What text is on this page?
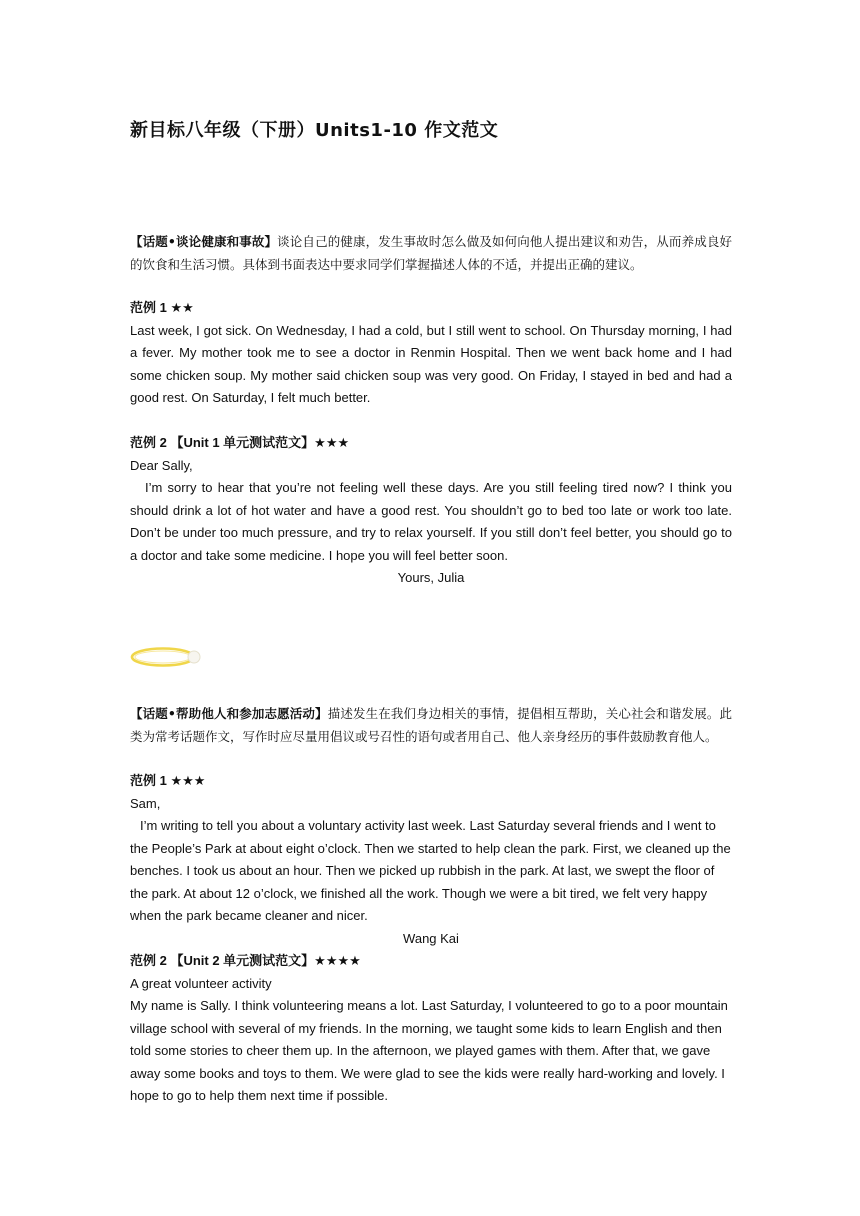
新目标八年级（下册）Units1-10 作文范文
【话题•谈论健康和事故】谈论自己的健康，发生事故时怎么做及如何向他人提出建议和劝告，从而养成良好的饮食和生活习惯。具体到书面表达中要求同学们掌握描述人体的不适，并提出正确的建议。

范例 1 ★★

Last week, I got sick. On Wednesday, I had a cold, but I still went to school. On Thursday morning, I had a fever. My mother took me to see a doctor in Renmin Hospital. Then we went back home and I had some chicken soup. My mother said chicken soup was very good. On Friday, I stayed in bed and had a good rest. On Saturday, I felt much better.

范例 2 【Unit 1 单元测试范文】★★★

Dear Sally,

I’m sorry to hear that you’re not feeling well these days. Are you still feeling tired now? I think you should drink a lot of hot water and have a good rest. You shouldn’t go to bed too late or work too late. Don’t be under too much pressure, and try to relax yourself. If you still don’t feel better, you should go to a doctor and take some medicine. I hope you will feel better soon.

Yours, Julia

【话题•帮助他人和参加志愿活动】描述发生在我们身边相关的事情，提倡相互帮助，关心社会和谐发展。此类为常考话题作文，写作时应尽量用倡议或号召性的语句或者用自己、他人亲身经历的事件鼓励教育他人。

范例 1 ★★★

Sam,

I’m writing to tell you about a voluntary activity last week. Last Saturday several friends and I went to the People’s Park at about eight o’clock. Then we started to help clean the park. First, we cleaned up the benches. I took us about an hour. Then we picked up rubbish in the park. At last, we swept the floor of the park. At about 12 o’clock, we finished all the work. Though we were a bit tired, we felt very happy when the park became cleaner and nicer.

Wang Kai

范例 2 【Unit 2 单元测试范文】★★★★

A great volunteer activity

My name is Sally. I think volunteering means a lot. Last Saturday, I volunteered to go to a poor mountain village school with several of my friends. In the morning, we taught some kids to learn English and then told some stories to cheer them up. In the afternoon, we played games with them. After that, we gave away some books and toys to them. We were glad to see the kids were really hard-working and lovely. I hope to go to help them next time if possible.
